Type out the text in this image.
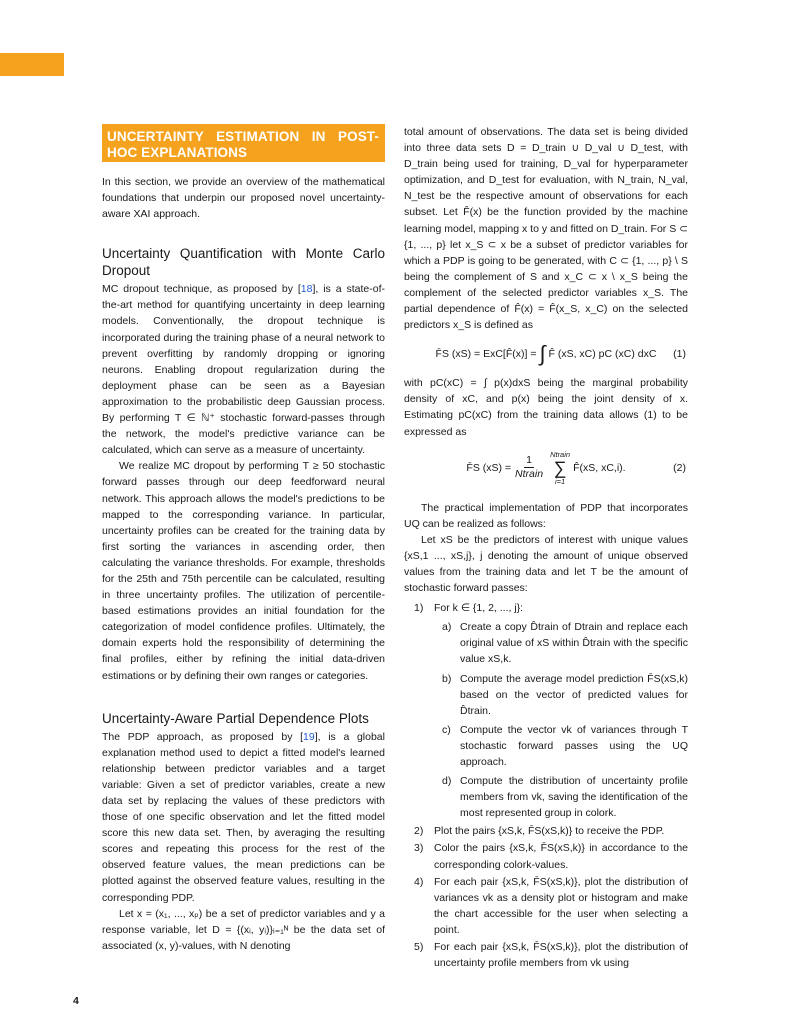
UNCERTAINTY ESTIMATION IN POST-HOC EXPLANATIONS

In this section, we provide an overview of the mathematical foundations that underpin our proposed novel uncertainty-aware XAI approach.

Uncertainty Quantification with Monte Carlo Dropout

MC dropout technique, as proposed by [18], is a state-of-the-art method for quantifying uncertainty in deep learning models. Conventionally, the dropout technique is incorporated during the training phase of a neural network to prevent overfitting by randomly dropping or ignoring neurons. Enabling dropout regularization during the deployment phase can be seen as a Bayesian approximation to the probabilistic deep Gaussian process. By performing T ∈ ℕ⁺ stochastic forward-passes through the network, the model's predictive variance can be calculated, which can serve as a measure of uncertainty.

We realize MC dropout by performing T ≥ 50 stochastic forward passes through our deep feedforward neural network. This approach allows the model's predictions to be mapped to the corresponding variance. In particular, uncertainty profiles can be created for the training data by first sorting the variances in ascending order, then calculating the variance thresholds. For example, thresholds for the 25th and 75th percentile can be calculated, resulting in three uncertainty profiles. The utilization of percentile-based estimations provides an initial foundation for the categorization of model confidence profiles. Ultimately, the domain experts hold the responsibility of determining the final profiles, either by refining the initial data-driven estimations or by defining their own ranges or categories.

Uncertainty-Aware Partial Dependence Plots

The PDP approach, as proposed by [19], is a global explanation method used to depict a fitted model's learned relationship between predictor variables and a target variable: Given a set of predictor variables, create a new data set by replacing the values of these predictors with those of one specific observation and let the fitted model score this new data set. Then, by averaging the resulting scores and repeating this process for the rest of the observed feature values, the mean predictions can be plotted against the observed feature values, resulting in the corresponding PDP.

Let x = (x₁, ..., xₚ) be a set of predictor variables and y a response variable, let D = {(xᵢ, yᵢ)}ᵢ₌₁ᴺ be the data set of associated (x, y)-values, with N denoting

total amount of observations. The data set is being divided into three data sets D = D_train ∪ D_val ∪ D_test, with D_train being used for training, D_val for hyperparameter optimization, and D_test for evaluation, with N_train, N_val, N_test be the respective amount of observations for each subset. Let F̂(x) be the function provided by the machine learning model, mapping x to y and fitted on D_train. For S ⊂ {1, ..., p} let x_S ⊂ x be a subset of predictor variables for which a PDP is going to be generated, with C ⊂ {1, ..., p} \ S being the complement of S and x_C ⊂ x \ x_S being the complement of the selected predictor variables x_S. The partial dependence of F̂(x) = F̂(x_S, x_C) on the selected predictors x_S is defined as

F̄S (xS) = ExC[F̂(x)] = ∫ F̂ (xS, xC) pC (xC) dxC (1)

with pC(xC) = ∫ p(x)dxS being the marginal probability density of xC, and p(x) being the joint density of x. Estimating pC(xC) from the training data allows (1) to be expressed as

F̄S $(xS) = \frac{1}{\text{Ntrain}}$ Ntrain
∑
i=1
F̂(xS, xC,i).	(2)

The practical implementation of PDP that incorporates UQ can be realized as follows:

Let xS be the predictors of interest with unique values {xS,1 ..., xS,j}, j denoting the amount of unique observed values from the training data and let T be the amount of stochastic forward passes:

1) For k ∈ {1, 2, ..., j}:
a) Create a copy D̂train of Dtrain and replace each original value of xS within D̂train with the specific value xS,k.
b) Compute the average model prediction F̄S(xS,k) based on the vector of predicted values for D̂train.
c) Compute the vector vk of variances through T stochastic forward passes using the UQ approach.
d) Compute the distribution of uncertainty profile members from vk, saving the identification of the most represented group in colork.
2) Plot the pairs {xS,k, F̄S(xS,k)} to receive the PDP.
3) Color the pairs {xS,k, F̄S(xS,k)} in accordance to the corresponding colork-values.
4) For each pair {xS,k, F̄S(xS,k)}, plot the distribution of variances vk as a density plot or histogram and make the chart accessible for the user when selecting a point.
5) For each pair {xS,k, F̄S(xS,k)}, plot the distribution of uncertainty profile members from vk using
4
